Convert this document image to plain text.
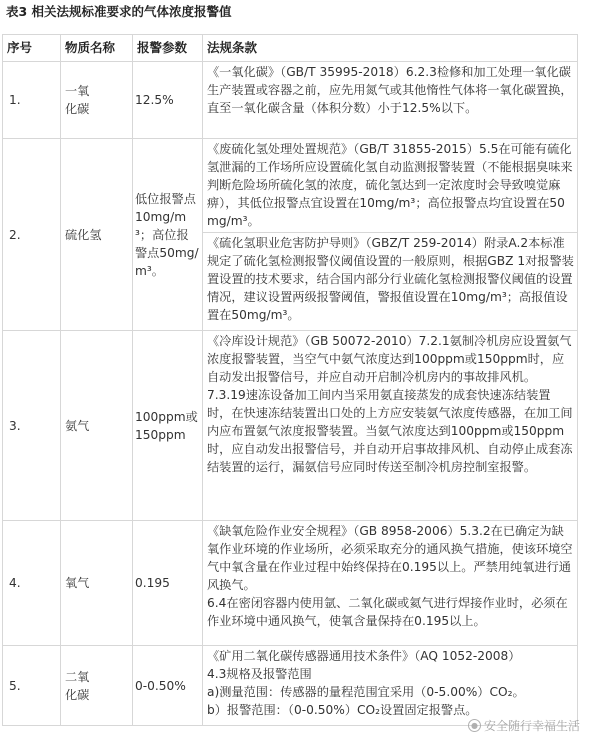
表3 相关法规标准要求的气体浓度报警值
序号	物质名称	报警参数	法规条款
1.	一氧
化碳	12.5%	《一氧化碳》（GB/T 35995-2018）6.2.3检修和加工处理一氧化碳生产装置或容器之前，应先用氮气或其他惰性气体将一氧化碳置换，直至一氧化碳含量（体积分数）小于12.5%以下。

2.	硫化氢	低位报警点10mg/m³；高位报警点50mg/m³。	《废硫化氢处理处置规范》（GB/T 31855-2015）5.5在可能有硫化氢泄漏的工作场所应设置硫化氢自动监测报警装置（不能根据臭味来判断危险场所硫化氢的浓度，硫化氢达到一定浓度时会导致嗅觉麻痹），其低位报警点宜设置在10mg/m³；高位报警点均宜设置在50mg/m³。
《硫化氢职业危害防护导则》（GBZ/T 259-2014）附录A.2本标准规定了硫化氢检测报警仪阈值设置的一般原则，根据GBZ 1对报警装置设置的技术要求，结合国内部分行业硫化氢检测报警仪阈值的设置情况，建议设置两级报警阈值，警报值设置在10mg/m³；高报值设置在50mg/m³。

3.	氨气	100ppm或150ppm	《冷库设计规范》（GB 50072-2010）7.2.1氨制冷机房应设置氨气浓度报警装置，当空气中氨气浓度达到100ppm或150ppm时，应自动发出报警信号，并应自动开启制冷机房内的事故排风机。
7.3.19速冻设备加工间内当采用氨直接蒸发的成套快速冻结装置时，在快速冻结装置出口处的上方应安装氨气浓度传感器，在加工间内应布置氨气浓度报警装置。当氨气浓度达到100ppm或150ppm时，应自动发出报警信号，并自动开启事故排风机、自动停止成套冻结装置的运行，漏氨信号应同时传送至制冷机房控制室报警。

4.	氧气	0.195	《缺氧危险作业安全规程》（GB 8958-2006）5.3.2在已确定为缺氧作业环境的作业场所，必须采取充分的通风换气措施，使该环境空气中氧含量在作业过程中始终保持在0.195以上。严禁用纯氧进行通风换气。
6.4在密闭容器内使用氩、二氧化碳或氦气进行焊接作业时，必须在作业环境中通风换气，使氧含量保持在0.195以上。

5.	二氧
化碳	0-0.50%	《矿用二氧化碳传感器通用技术条件》（AQ 1052-2008）
4.3规格及报警范围
a)测量范围：传感器的量程范围宜采用（0-5.00%）CO₂。
b）报警范围：（0-0.50%）CO₂设置固定报警点。
● 安全随行幸福生活
